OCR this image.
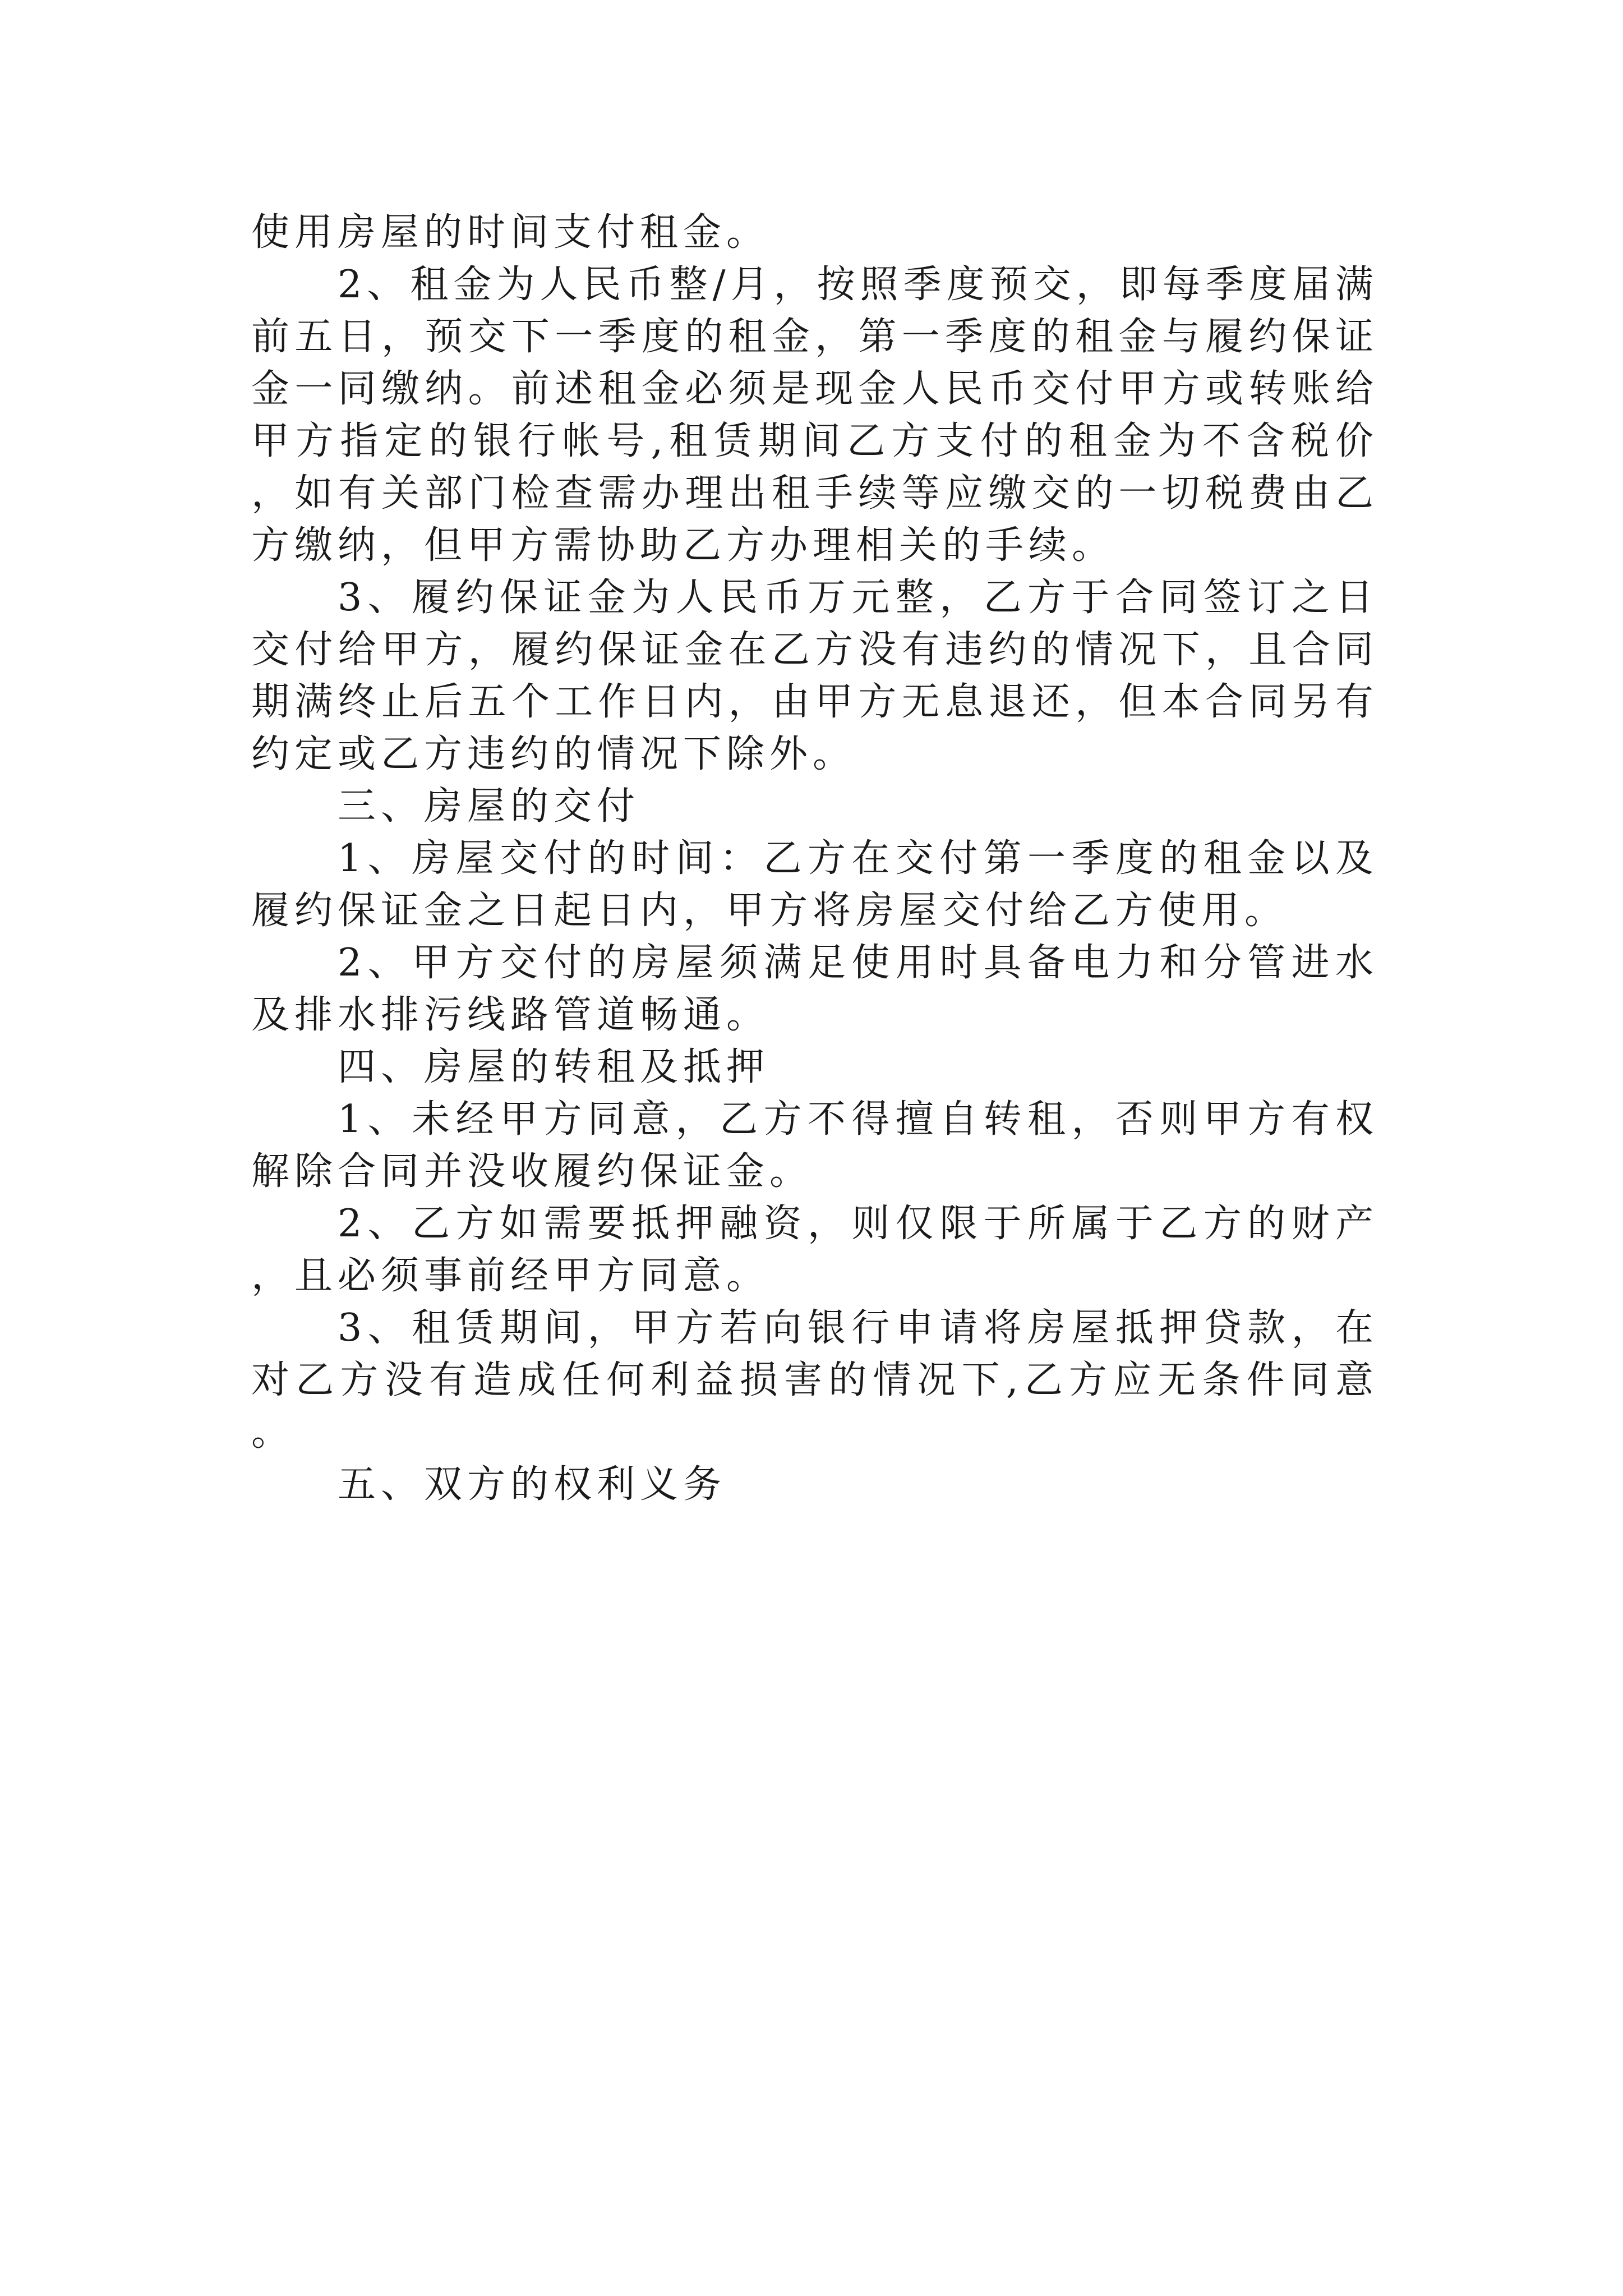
使用房屋的时间支付租金。

2、租金为人民币整/月，按照季度预交，即每季度届满前五日，预交下一季度的租金，第一季度的租金与履约保证金一同缴纳。前述租金必须是现金人民币交付甲方或转账给甲方指定的银行帐号,租赁期间乙方支付的租金为不含税价，如有关部门检查需办理出租手续等应缴交的一切税费由乙方缴纳，但甲方需协助乙方办理相关的手续。

3、履约保证金为人民币万元整，乙方于合同签订之日交付给甲方，履约保证金在乙方没有违约的情况下，且合同期满终止后五个工作日内，由甲方无息退还，但本合同另有约定或乙方违约的情况下除外。

三、房屋的交付

1、房屋交付的时间：乙方在交付第一季度的租金以及履约保证金之日起日内，甲方将房屋交付给乙方使用。

2、甲方交付的房屋须满足使用时具备电力和分管进水及排水排污线路管道畅通。

四、房屋的转租及抵押

1、未经甲方同意，乙方不得擅自转租，否则甲方有权解除合同并没收履约保证金。

2、乙方如需要抵押融资，则仅限于所属于乙方的财产，且必须事前经甲方同意。

3、租赁期间，甲方若向银行申请将房屋抵押贷款，在对乙方没有造成任何利益损害的情况下,乙方应无条件同意。

五、双方的权利义务
